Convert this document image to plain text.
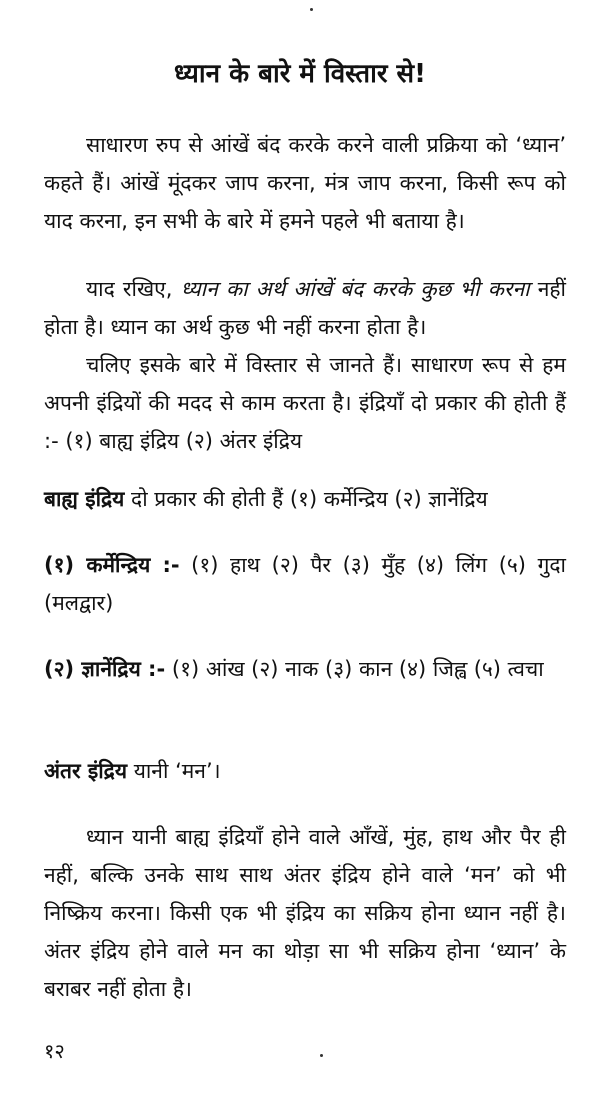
ध्यान के बारे में विस्तार से!
साधारण रुप से आंखें बंद करके करने वाली प्रक्रिया को ‘ध्यान’ कहते हैं। आंखें मूंदकर जाप करना, मंत्र जाप करना, किसी रूप को याद करना, इन सभी के बारे में हमने पहले भी बताया है।
याद रखिए, ध्यान का अर्थ आंखें बंद करके कुछ भी करना नहीं होता है। ध्यान का अर्थ कुछ भी नहीं करना होता है।
चलिए इसके बारे में विस्तार से जानते हैं। साधारण रूप से हम अपनी इंद्रियों की मदद से काम करता है। इंद्रियाँ दो प्रकार की होती हैं :- (१) बाह्य इंद्रिय (२) अंतर इंद्रिय
बाह्य इंद्रिय दो प्रकार की होती हैं (१) कर्मेन्द्रिय (२) ज्ञानेंद्रिय
(१) कर्मेन्द्रिय :- (१) हाथ (२) पैर (३) मुँह (४) लिंग (५) गुदा (मलद्वार)
(२) ज्ञानेंद्रिय :- (१) आंख (२) नाक (३) कान (४) जिह्व (५) त्वचा
अंतर इंद्रिय यानी ‘मन’।
ध्यान यानी बाह्य इंद्रियाँ होने वाले आँखें, मुंह, हाथ और पैर ही नहीं, बल्कि उनके साथ साथ अंतर इंद्रिय होने वाले ‘मन’ को भी निष्क्रिय करना। किसी एक भी इंद्रिय का सक्रिय होना ध्यान नहीं है। अंतर इंद्रिय होने वाले मन का थोड़ा सा भी सक्रिय होना ‘ध्यान’ के बराबर नहीं होता है।
१२
